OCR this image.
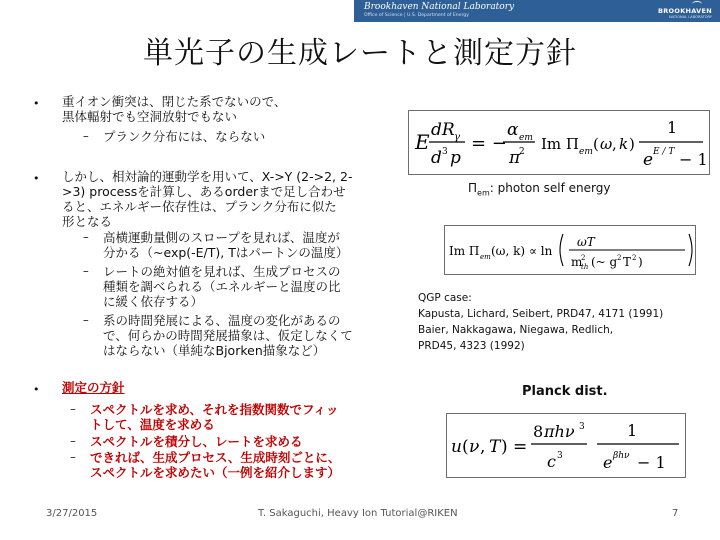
Brookhaven National Laboratory
Office of Science | U.S. Department of Energy
BROOKHAVEN
NATIONAL LABORATORY
単光子の生成レートと測定方針
• 重イオン衝突は、閉じた系でないので、
黒体輻射でも空洞放射でもない
– プランク分布には、ならない
• しかし、相対論的運動学を用いて、X->Y (2->2, 2-
>3) processを計算し、あるorderまで足し合わせ
ると、エネルギー依存性は、プランク分布に似た
形となる
– 高横運動量側のスロープを見れば、温度が
分かる（~exp(-E/T), Tはパートンの温度）
– レートの絶対値を見れば、生成プロセスの
種類を調べられる（エネルギーと温度の比
に緩く依存する）
– 系の時間発展による、温度の変化があるの
で、何らかの時間発展描象は、仮定しなくて
はならない（単純なBjorken描象など）
• 測定の方針
– スペクトルを求め、それを指数関数でフィッ
トして、温度を求める
– スペクトルを積分し、レートを求める
– できれば、生成プロセス、生成時刻ごとに、
スペクトルを求めたい（一例を紹介します）
E dR γ
d 3 p
= −
α em
π
2 Im Π em ( ω , k )
1
e E / T − 1
$\Pi_{em}$: photon self energy
Im Π em (ω, k) ∝ ln
ωT
m
2
th (~ g 2 T 2 )
QGP case:
Kapusta, Lichard, Seibert, PRD47, 4171 (1991)
Baier, Nakkagawa, Niegawa, Redlich,
PRD45, 4323 (1992)
Planck dist.
u ( ν , T ) =
8 πhν 3
c 3
1
e βhν − 1
3/27/2015	T. Sakaguchi, Heavy Ion Tutorial@RIKEN	7
